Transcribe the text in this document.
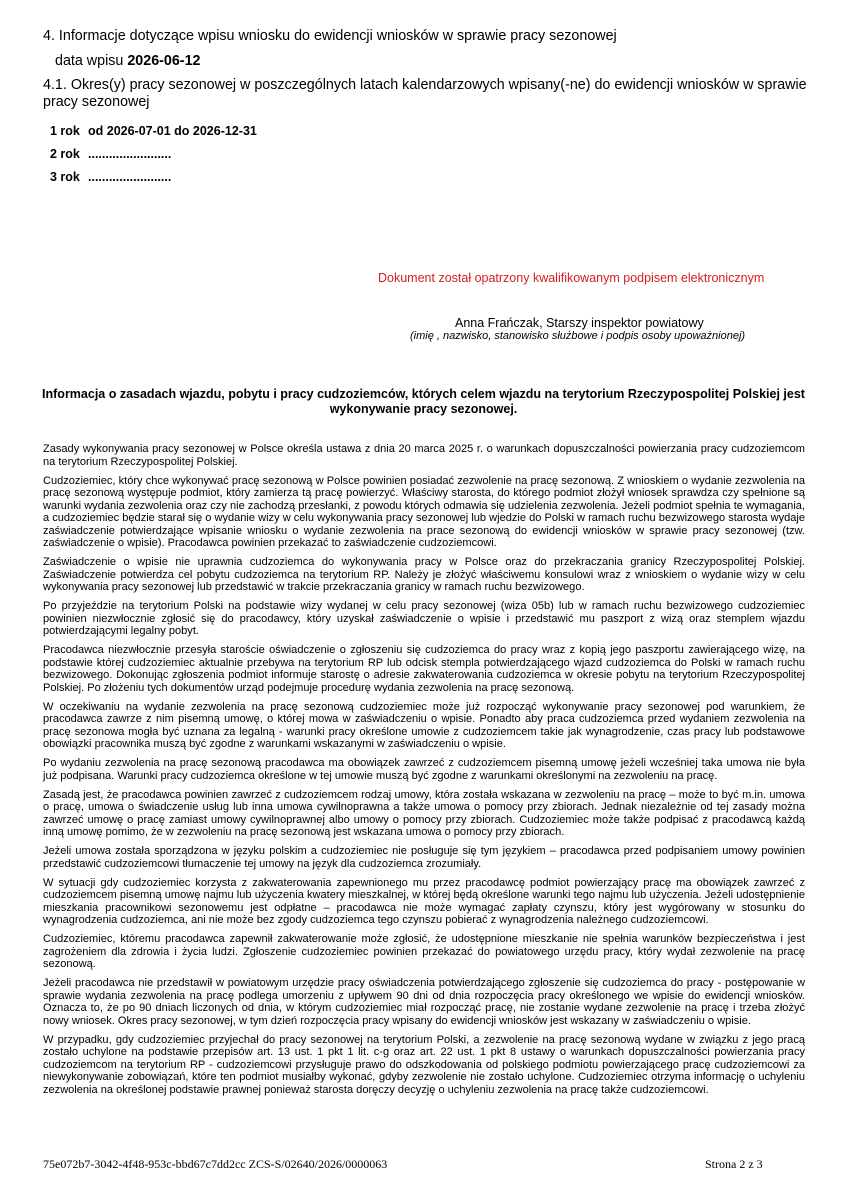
4. Informacje dotyczące wpisu wniosku do ewidencji wniosków w sprawie pracy sezonowej
data wpisu 2026-06-12
4.1. Okres(y) pracy sezonowej w poszczególnych latach kalendarzowych wpisany(-ne) do ewidencji wniosków w sprawie pracy sezonowej
1 rok od 2026-07-01 do 2026-12-31
2 rok ........................
3 rok ........................
Dokument został opatrzony kwalifikowanym podpisem elektronicznym
Anna Frańczak, Starszy inspektor powiatowy
(imię , nazwisko, stanowisko służbowe i podpis osoby upoważnionej)
Informacja o zasadach wjazdu, pobytu i pracy cudzoziemców, których celem wjazdu na terytorium Rzeczypospolitej Polskiej jest wykonywanie pracy sezonowej.

Zasady wykonywania pracy sezonowej w Polsce określa ustawa z dnia 20 marca 2025 r. o warunkach dopuszczalności powierzania pracy cudzoziemcom na terytorium Rzeczypospolitej Polskiej.

Cudzoziemiec, który chce wykonywać pracę sezonową w Polsce powinien posiadać zezwolenie na pracę sezonową. Z wnioskiem o wydanie zezwolenia na pracę sezonową występuje podmiot, który zamierza tą pracę powierzyć. Właściwy starosta, do którego podmiot złożył wniosek sprawdza czy spełnione są warunki wydania zezwolenia oraz czy nie zachodzą przesłanki, z powodu których odmawia się udzielenia zezwolenia. Jeżeli podmiot spełnia te wymagania, a cudzoziemiec będzie starał się o wydanie wizy w celu wykonywania pracy sezonowej lub wjedzie do Polski w ramach ruchu bezwizowego starosta wydaje zaświadczenie potwierdzające wpisanie wniosku o wydanie zezwolenia na prace sezonową do ewidencji wniosków w sprawie pracy sezonowej (tzw. zaświadczenie o wpisie). Pracodawca powinien przekazać to zaświadczenie cudzoziemcowi.

Zaświadczenie o wpisie nie uprawnia cudzoziemca do wykonywania pracy w Polsce oraz do przekraczania granicy Rzeczypospolitej Polskiej. Zaświadczenie potwierdza cel pobytu cudzoziemca na terytorium RP. Należy je złożyć właściwemu konsulowi wraz z wnioskiem o wydanie wizy w celu wykonywania pracy sezonowej lub przedstawić w trakcie przekraczania granicy w ramach ruchu bezwizowego.

Po przyjeździe na terytorium Polski na podstawie wizy wydanej w celu pracy sezonowej (wiza 05b) lub w ramach ruchu bezwizowego cudzoziemiec powinien niezwłocznie zgłosić się do pracodawcy, który uzyskał zaświadczenie o wpisie i przedstawić mu paszport z wizą oraz stemplem wjazdu potwierdzającymi legalny pobyt.

Pracodawca niezwłocznie przesyła staroście oświadczenie o zgłoszeniu się cudzoziemca do pracy wraz z kopią jego paszportu zawierającego wizę, na podstawie której cudzoziemiec aktualnie przebywa na terytorium RP lub odcisk stempla potwierdzającego wjazd cudzoziemca do Polski w ramach ruchu bezwizowego. Dokonując zgłoszenia podmiot informuje starostę o adresie zakwaterowania cudzoziemca w okresie pobytu na terytorium Rzeczypospolitej Polskiej. Po złożeniu tych dokumentów urząd podejmuje procedurę wydania zezwolenia na pracę sezonową.

W oczekiwaniu na wydanie zezwolenia na pracę sezonową cudzoziemiec może już rozpocząć wykonywanie pracy sezonowej pod warunkiem, że pracodawca zawrze z nim pisemną umowę, o której mowa w zaświadczeniu o wpisie. Ponadto aby praca cudzoziemca przed wydaniem zezwolenia na pracę sezonowa mogła być uznana za legalną - warunki pracy określone umowie z cudzoziemcem takie jak wynagrodzenie, czas pracy lub podstawowe obowiązki pracownika muszą być zgodne z warunkami wskazanymi w zaświadczeniu o wpisie.

Po wydaniu zezwolenia na pracę sezonową pracodawca ma obowiązek zawrzeć z cudzoziemcem pisemną umowę jeżeli wcześniej taka umowa nie była już podpisana. Warunki pracy cudzoziemca określone w tej umowie muszą być zgodne z warunkami określonymi na zezwoleniu na pracę.

Zasadą jest, że pracodawca powinien zawrzeć z cudzoziemcem rodzaj umowy, która została wskazana w zezwoleniu na pracę – może to być m.in. umowa o pracę, umowa o świadczenie usług lub inna umowa cywilnoprawna a także umowa o pomocy przy zbiorach. Jednak niezależnie od tej zasady można zawrzeć umowę o pracę zamiast umowy cywilnoprawnej albo umowy o pomocy przy zbiorach. Cudzoziemiec może także podpisać z pracodawcą każdą inną umowę pomimo, że w zezwoleniu na pracę sezonową jest wskazana umowa o pomocy przy zbiorach.

Jeżeli umowa została sporządzona w języku polskim a cudzoziemiec nie posługuje się tym językiem – pracodawca przed podpisaniem umowy powinien przedstawić cudzoziemcowi tłumaczenie tej umowy na język dla cudzoziemca zrozumiały.

W sytuacji gdy cudzoziemiec korzysta z zakwaterowania zapewnionego mu przez pracodawcę podmiot powierzający pracę ma obowiązek zawrzeć z cudzoziemcem pisemną umowę najmu lub użyczenia kwatery mieszkalnej, w której będą określone warunki tego najmu lub użyczenia. Jeżeli udostępnienie mieszkania pracownikowi sezonowemu jest odpłatne – pracodawca nie może wymagać zapłaty czynszu, który jest wygórowany w stosunku do wynagrodzenia cudzoziemca, ani nie może bez zgody cudzoziemca tego czynszu pobierać z wynagrodzenia należnego cudzoziemcowi.

Cudzoziemiec, któremu pracodawca zapewnił zakwaterowanie może zgłosić, że udostępnione mieszkanie nie spełnia warunków bezpieczeństwa i jest zagrożeniem dla zdrowia i życia ludzi. Zgłoszenie cudzoziemiec powinien przekazać do powiatowego urzędu pracy, który wydał zezwolenie na pracę sezonową.

Jeżeli pracodawca nie przedstawił w powiatowym urzędzie pracy oświadczenia potwierdzającego zgłoszenie się cudzoziemca do pracy - postępowanie w sprawie wydania zezwolenia na pracę podlega umorzeniu z upływem 90 dni od dnia rozpoczęcia pracy określonego we wpisie do ewidencji wniosków. Oznacza to, że po 90 dniach liczonych od dnia, w którym cudzoziemiec miał rozpocząć pracę, nie zostanie wydane zezwolenie na pracę i trzeba złożyć nowy wniosek. Okres pracy sezonowej, w tym dzień rozpoczęcia pracy wpisany do ewidencji wniosków jest wskazany w zaświadczeniu o wpisie.

W przypadku, gdy cudzoziemiec przyjechał do pracy sezonowej na terytorium Polski, a zezwolenie na pracę sezonową wydane w związku z jego pracą zostało uchylone na podstawie przepisów art. 13 ust. 1 pkt 1 lit. c-g oraz art. 22 ust. 1 pkt 8 ustawy o warunkach dopuszczalności powierzania pracy cudzoziemcom na terytorium RP - cudzoziemcowi przysługuje prawo do odszkodowania od polskiego podmiotu powierzającego pracę cudzoziemcowi za niewykonywanie zobowiązań, które ten podmiot musiałby wykonać, gdyby zezwolenie nie zostało uchylone. Cudzoziemiec otrzyma informację o uchyleniu zezwolenia na określonej podstawie prawnej ponieważ starosta doręczy decyzję o uchyleniu zezwolenia na pracę także cudzoziemcowi.

75e072b7-3042-4f48-953c-bbd67c7dd2cc ZCS-S/02640/2026/0000063	Strona 2 z 3
